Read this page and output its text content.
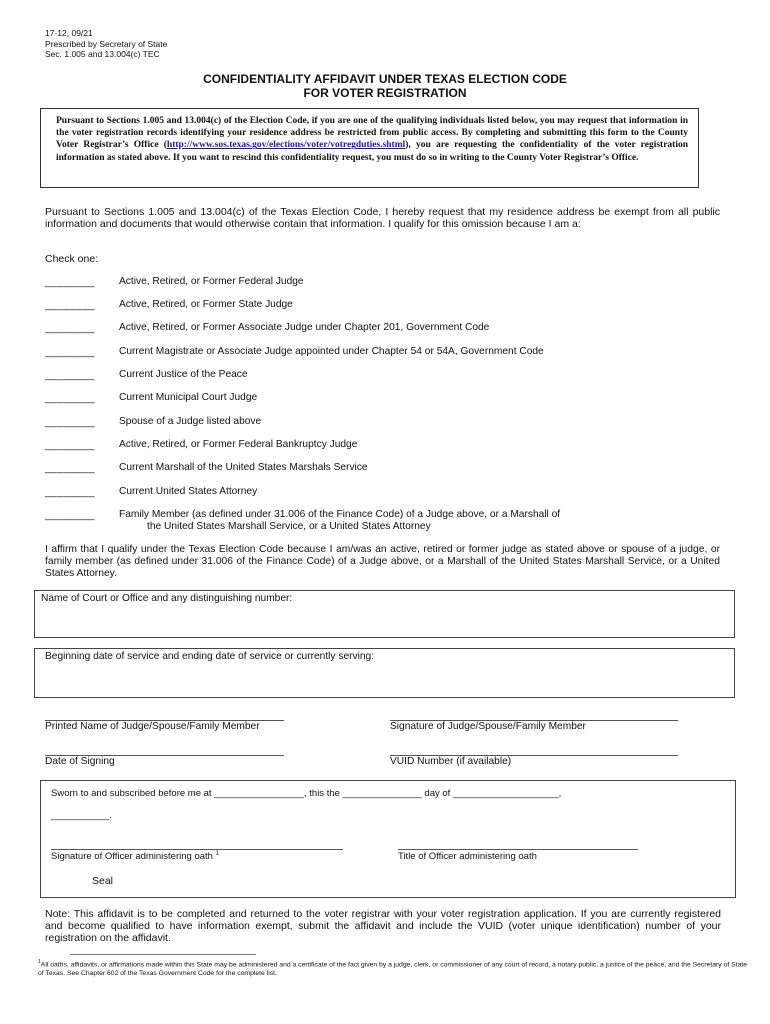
17-12, 09/21
Prescribed by Secretary of State
Sec. 1.005 and 13.004(c) TEC
CONFIDENTIALITY AFFIDAVIT UNDER TEXAS ELECTION CODE
FOR VOTER REGISTRATION
Pursuant to Sections 1.005 and 13.004(c) of the Election Code, if you are one of the qualifying individuals listed below, you may request that information in the voter registration records identifying your residence address be restricted from public access. By completing and submitting this form to the County Voter Registrar’s Office (http://www.sos.texas.gov/elections/voter/votregduties.shtml), you are requesting the confidentiality of the voter registration information as stated above. If you want to rescind this confidentiality request, you must do so in writing to the County Voter Registrar’s Office.
Pursuant to Sections 1.005 and 13.004(c) of the Texas Election Code, I hereby request that my residence address be exempt from all public information and documents that would otherwise contain that information. I qualify for this omission because I am a:
Check one:
________ Active, Retired, or Former Federal Judge
________ Active, Retired, or Former State Judge
________ Active, Retired, or Former Associate Judge under Chapter 201, Government Code
________ Current Magistrate or Associate Judge appointed under Chapter 54 or 54A, Government Code
________ Current Justice of the Peace
________ Current Municipal Court Judge
________ Spouse of a Judge listed above
________ Active, Retired, or Former Federal Bankruptcy Judge
________ Current Marshall of the United States Marshals Service
________ Current United States Attorney
________ Family Member (as defined under 31.006 of the Finance Code) of a Judge above, or a Marshall of
the United States Marshall Service, or a United States Attorney
I affirm that I qualify under the Texas Election Code because I am/was an active, retired or former judge as stated above or spouse of a judge, or family member (as defined under 31.006 of the Finance Code) of a Judge above, or a Marshall of the United States Marshall Service, or a United States Attorney.
Name of Court or Office and any distinguishing number:
Beginning date of service and ending date of service or currently serving:
Printed Name of Judge/Spouse/Family Member	Signature of Judge/Spouse/Family Member
Date of Signing	VUID Number (if available)
Sworn to and subscribed before me at _________________, this the _______________ day of ____________________,
___________.
Signature of Officer administering oath $^1$	Title of Officer administering oath
Seal
Note: This affidavit is to be completed and returned to the voter registrar with your voter registration application. If you are currently registered and become qualified to have information exempt, submit the affidavit and include the VUID (voter unique identification) number of your registration on the affidavit.
$^1$All oaths, affidavits, or affirmations made within this State may be administered and a certificate of the fact given by a judge, clerk, or commissioner of any court of record, a notary public, a justice of the peace, and the Secretary of State of Texas. See Chapter 602 of the Texas Government Code for the complete list.
